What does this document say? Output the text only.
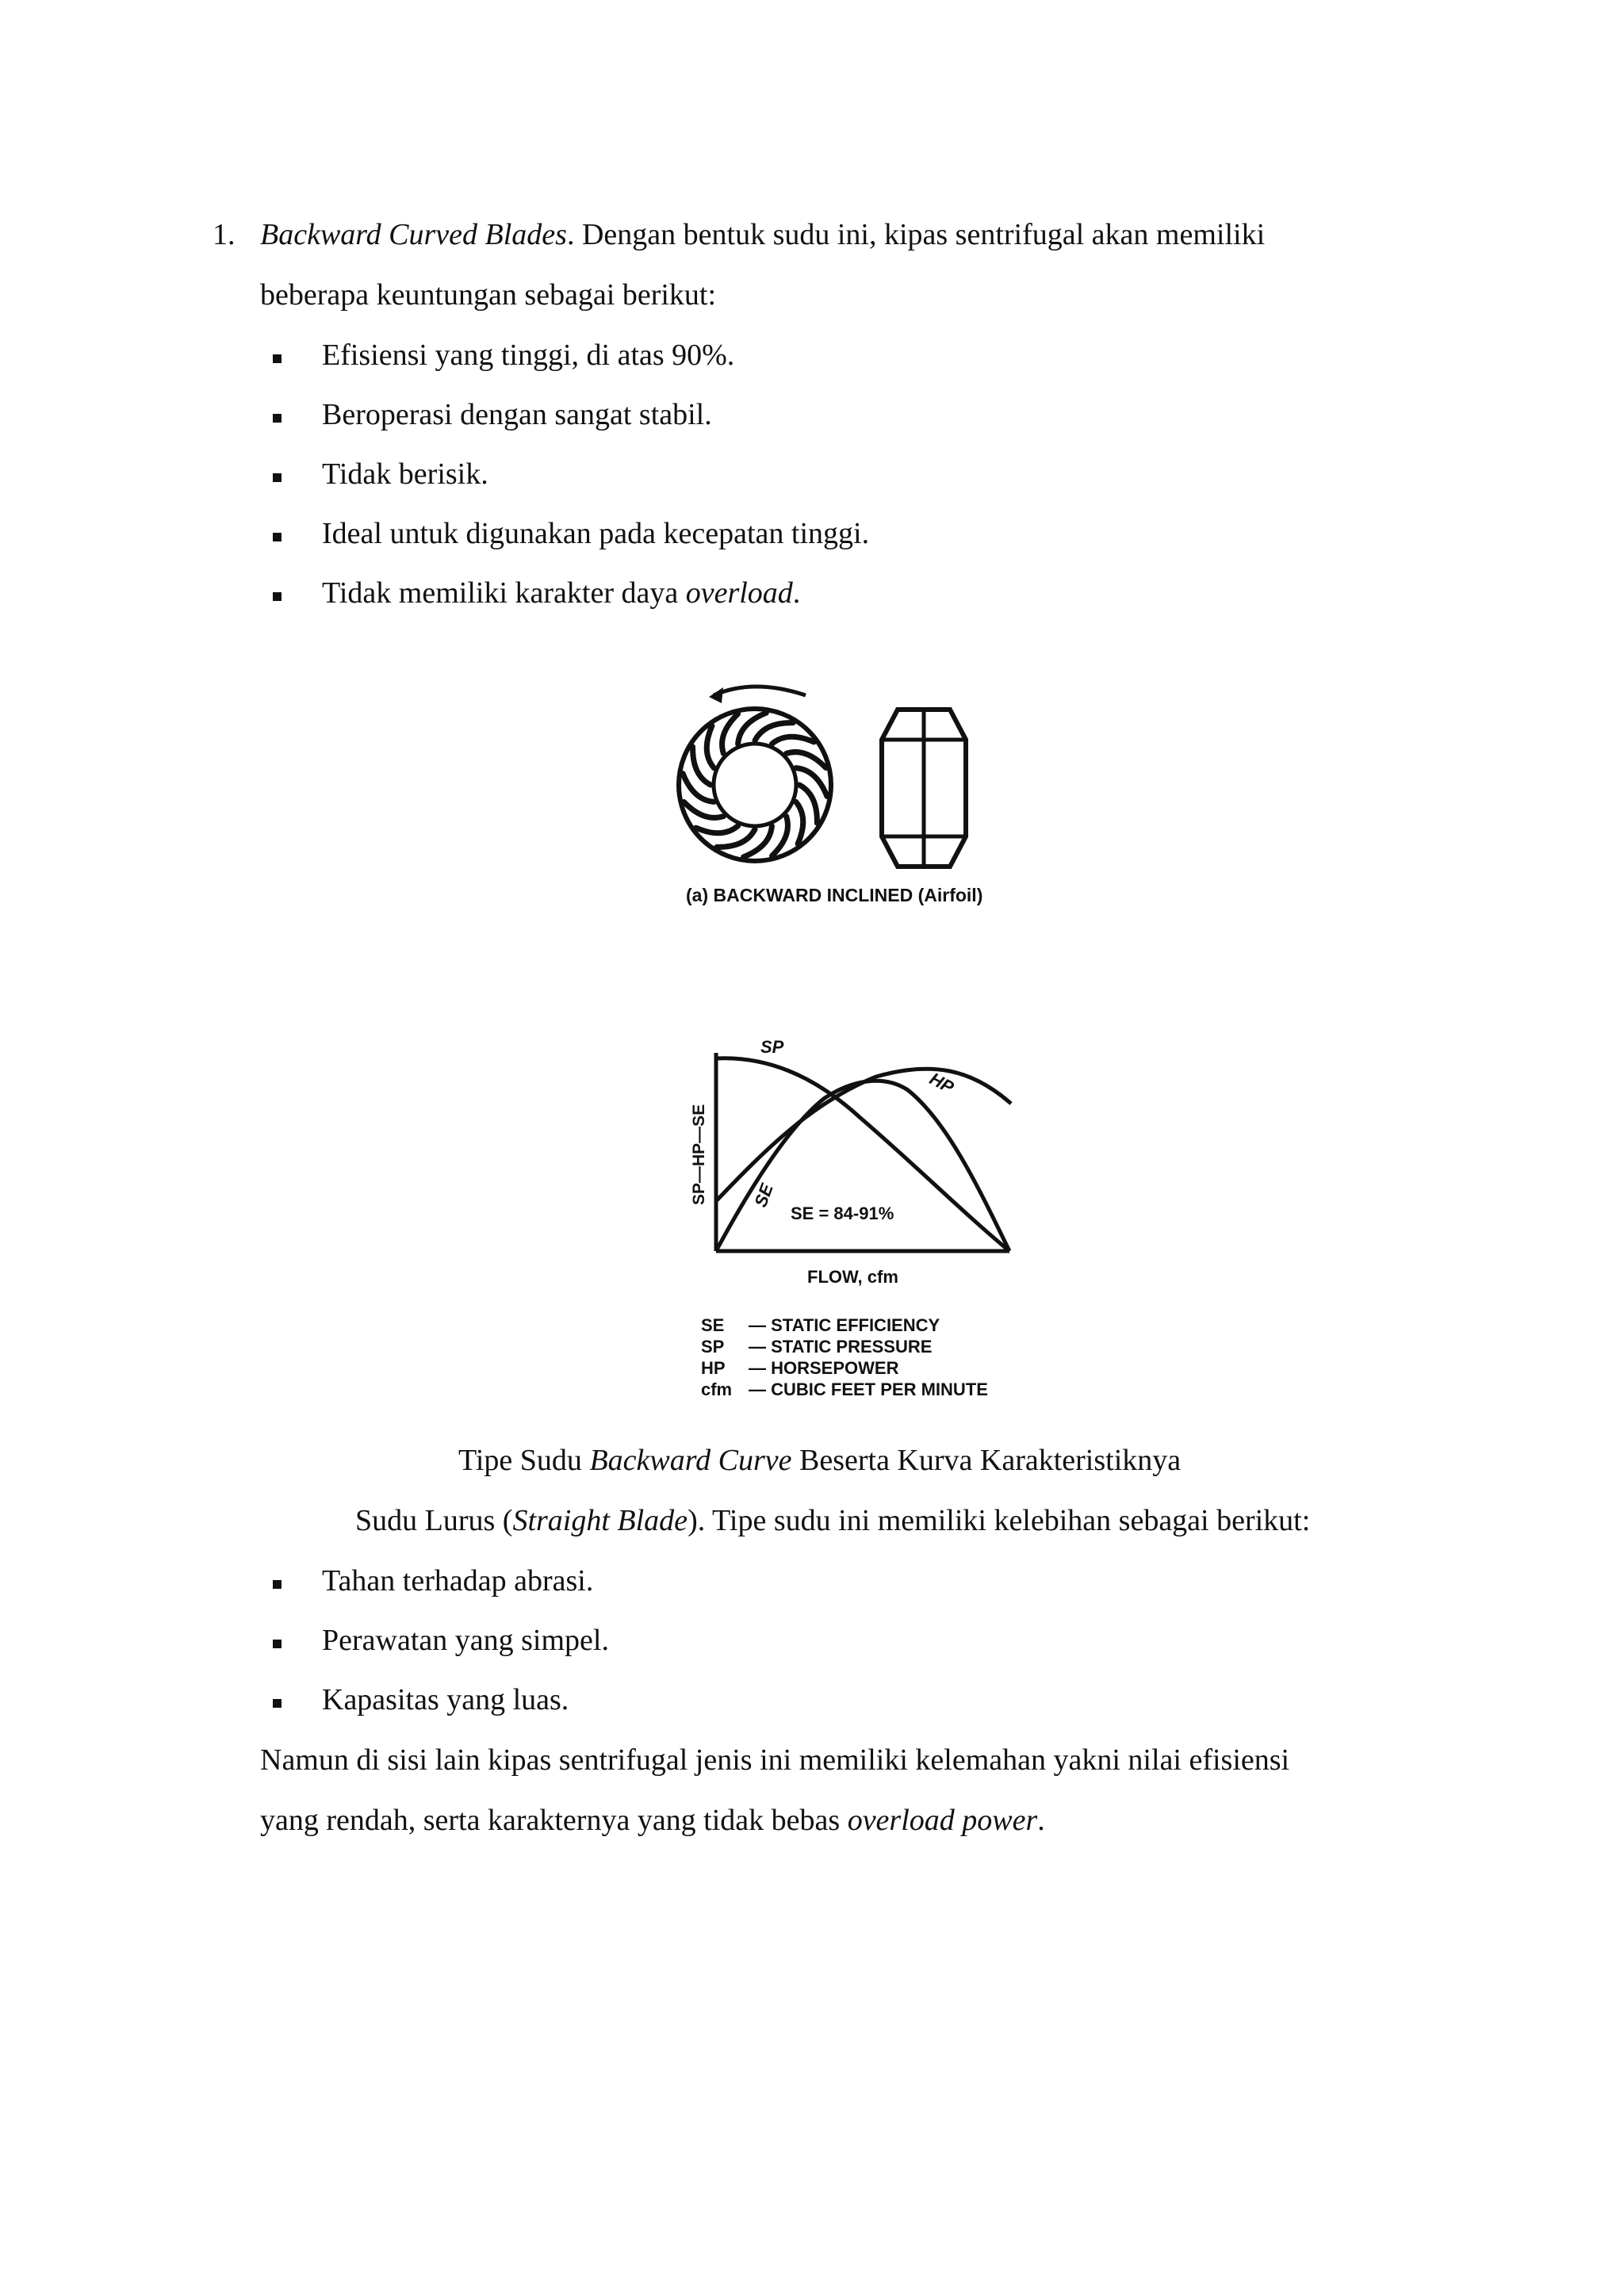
1. Backward Curved Blades. Dengan bentuk sudu ini, kipas sentrifugal akan memiliki
beberapa keuntungan sebagai berikut:
Efisiensi yang tinggi, di atas 90%.
Beroperasi dengan sangat stabil.
Tidak berisik.
Ideal untuk digunakan pada kecepatan tinggi.
Tidak memiliki karakter daya overload.
(a) BACKWARD INCLINED (Airfoil)
SP
HP
SE
SE = 84-91%
SP—HP—SE
FLOW, cfm
SE — STATIC EFFICIENCY
SP — STATIC PRESSURE
HP — HORSEPOWER
cfm — CUBIC FEET PER MINUTE
Tipe Sudu Backward Curve Beserta Kurva Karakteristiknya
Sudu Lurus (Straight Blade). Tipe sudu ini memiliki kelebihan sebagai berikut:
Tahan terhadap abrasi.
Perawatan yang simpel.
Kapasitas yang luas.
Namun di sisi lain kipas sentrifugal jenis ini memiliki kelemahan yakni nilai efisiensi
yang rendah, serta karakternya yang tidak bebas overload power.
